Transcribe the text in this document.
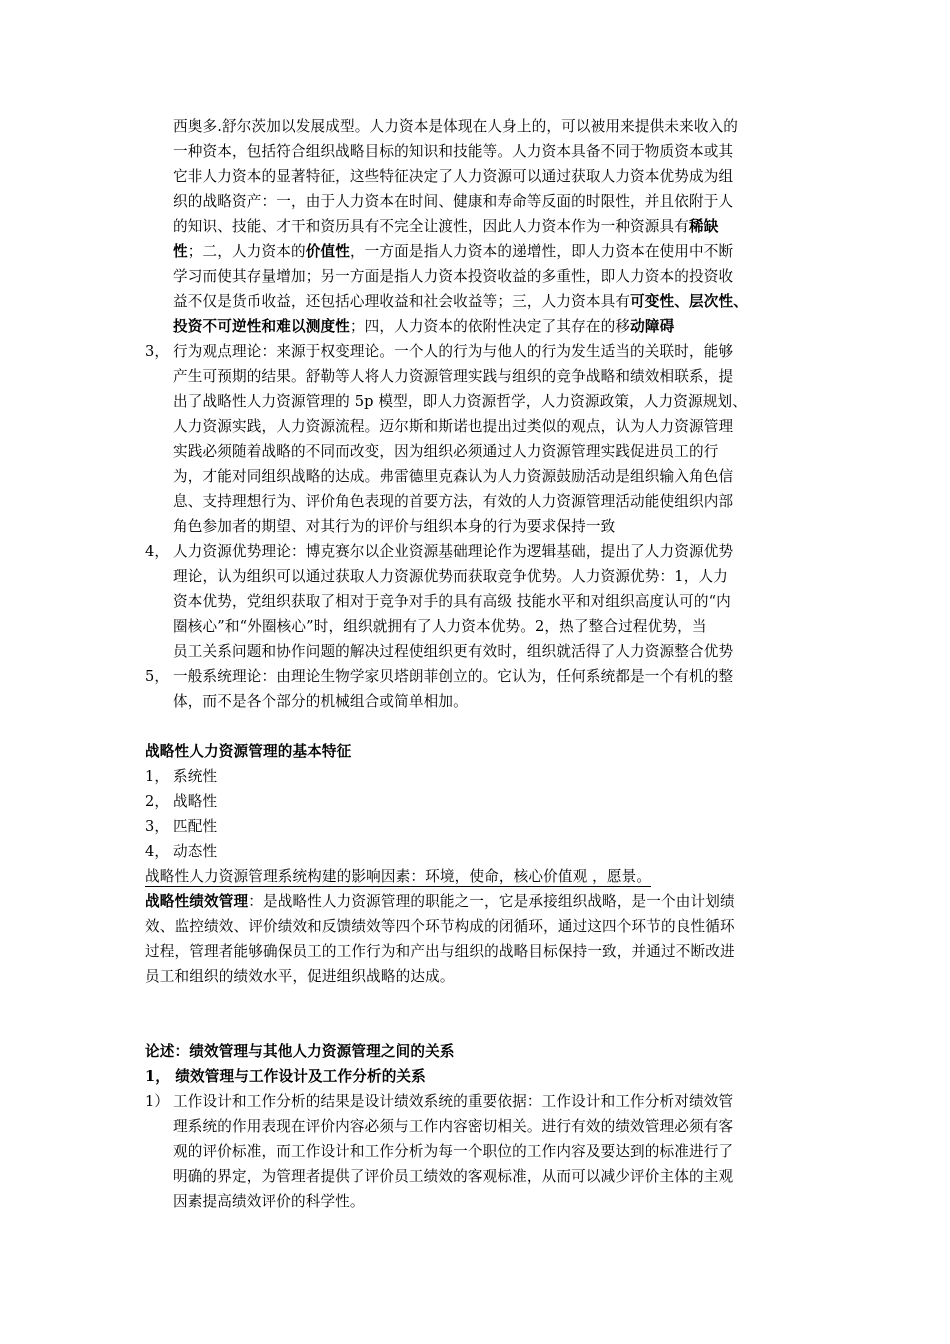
西奥多.舒尔茨加以发展成型。人力资本是体现在人身上的，可以被用来提供未来收入的
一种资本，包括符合组织战略目标的知识和技能等。人力资本具备不同于物质资本或其
它非人力资本的显著特征，这些特征决定了人力资源可以通过获取人力资本优势成为组
织的战略资产：一，由于人力资本在时间、健康和寿命等反面的时限性，并且依附于人
的知识、技能、才干和资历具有不完全让渡性，因此人力资本作为一种资源具有稀缺
性；二，人力资本的价值性，一方面是指人力资本的递增性，即人力资本在使用中不断
学习而使其存量增加；另一方面是指人力资本投资收益的多重性，即人力资本的投资收
益不仅是货币收益，还包括心理收益和社会收益等；三，人力资本具有可变性、层次性、
投资不可逆性和难以测度性；四，人力资本的依附性决定了其存在的移动障碍
3， 行为观点理论：来源于权变理论。一个人的行为与他人的行为发生适当的关联时，能够
产生可预期的结果。舒勒等人将人力资源管理实践与组织的竞争战略和绩效相联系，提
出了战略性人力资源管理的 5p 模型，即人力资源哲学，人力资源政策，人力资源规划、
人力资源实践，人力资源流程。迈尔斯和斯诺也提出过类似的观点，认为人力资源管理
实践必须随着战略的不同而改变，因为组织必须通过人力资源管理实践促进员工的行
为，才能对同组织战略的达成。弗雷德里克森认为人力资源鼓励活动是组织输入角色信
息、支持理想行为、评价角色表现的首要方法，有效的人力资源管理活动能使组织内部
角色参加者的期望、对其行为的评价与组织本身的行为要求保持一致
4， 人力资源优势理论：博克赛尔以企业资源基础理论作为逻辑基础，提出了人力资源优势
理论，认为组织可以通过获取人力资源优势而获取竞争优势。人力资源优势：1，人力
资本优势，党组织获取了相对于竞争对手的具有高级 技能水平和对组织高度认可的“内
圈核心”和“外圈核心”时，组织就拥有了人力资本优势。2，热了整合过程优势，当
员工关系问题和协作问题的解决过程使组织更有效时，组织就活得了人力资源整合优势
5， 一般系统理论：由理论生物学家贝塔朗菲创立的。它认为，任何系统都是一个有机的整
体，而不是各个部分的机械组合或简单相加。
战略性人力资源管理的基本特征
1， 系统性
2， 战略性
3， 匹配性
4， 动态性
战略性人力资源管理系统构建的影响因素：环境，使命，核心价值观 ，愿景。
战略性绩效管理：是战略性人力资源管理的职能之一，它是承接组织战略，是一个由计划绩
效、监控绩效、评价绩效和反馈绩效等四个环节构成的闭循环，通过这四个环节的良性循环
过程，管理者能够确保员工的工作行为和产出与组织的战略目标保持一致，并通过不断改进
员工和组织的绩效水平，促进组织战略的达成。
论述：绩效管理与其他人力资源管理之间的关系
1， 绩效管理与工作设计及工作分析的关系
1） 工作设计和工作分析的结果是设计绩效系统的重要依据：工作设计和工作分析对绩效管
理系统的作用表现在评价内容必须与工作内容密切相关。进行有效的绩效管理必须有客
观的评价标准，而工作设计和工作分析为每一个职位的工作内容及要达到的标准进行了
明确的界定，为管理者提供了评价员工绩效的客观标准，从而可以减少评价主体的主观
因素提高绩效评价的科学性。
